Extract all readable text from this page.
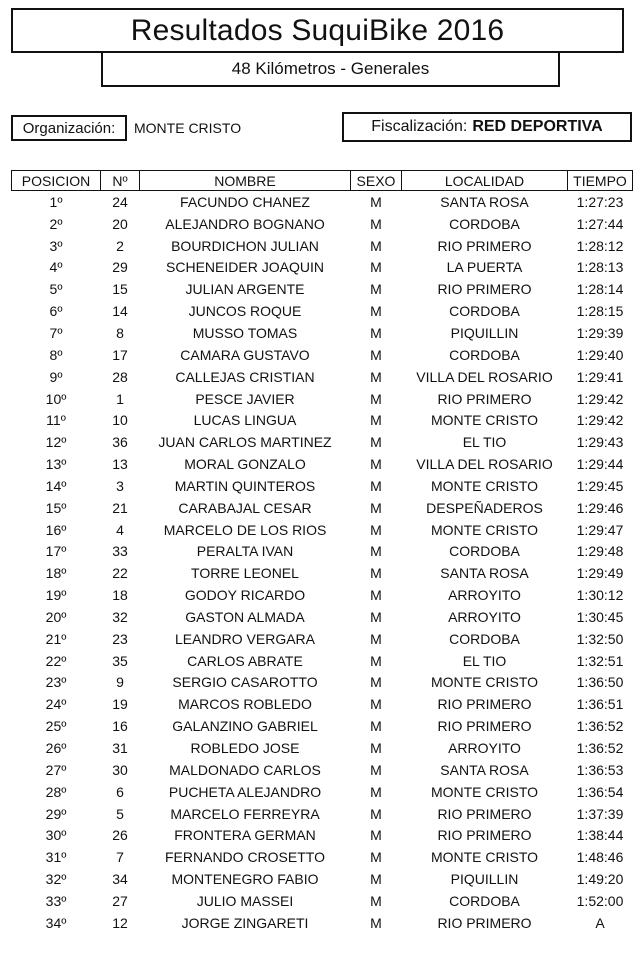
Resultados SuquiBike 2016
48 Kilómetros - Generales
Organización: MONTE CRISTO	Fiscalización: RED DEPORTIVA
POSICION	Nº	NOMBRE	SEXO	LOCALIDAD	TIEMPO
1º	24	FACUNDO CHANEZ	M	SANTA ROSA	1:27:23
2º	20	ALEJANDRO BOGNANO	M	CORDOBA	1:27:44
3º	2	BOURDICHON JULIAN	M	RIO PRIMERO	1:28:12
4º	29	SCHENEIDER JOAQUIN	M	LA PUERTA	1:28:13
5º	15	JULIAN ARGENTE	M	RIO PRIMERO	1:28:14
6º	14	JUNCOS ROQUE	M	CORDOBA	1:28:15
7º	8	MUSSO TOMAS	M	PIQUILLIN	1:29:39
8º	17	CAMARA GUSTAVO	M	CORDOBA	1:29:40
9º	28	CALLEJAS CRISTIAN	M	VILLA DEL ROSARIO	1:29:41
10º	1	PESCE JAVIER	M	RIO PRIMERO	1:29:42
11º	10	LUCAS LINGUA	M	MONTE CRISTO	1:29:42
12º	36	JUAN CARLOS MARTINEZ	M	EL TIO	1:29:43
13º	13	MORAL GONZALO	M	VILLA DEL ROSARIO	1:29:44
14º	3	MARTIN QUINTEROS	M	MONTE CRISTO	1:29:45
15º	21	CARABAJAL CESAR	M	DESPEÑADEROS	1:29:46
16º	4	MARCELO DE LOS RIOS	M	MONTE CRISTO	1:29:47
17º	33	PERALTA IVAN	M	CORDOBA	1:29:48
18º	22	TORRE LEONEL	M	SANTA ROSA	1:29:49
19º	18	GODOY RICARDO	M	ARROYITO	1:30:12
20º	32	GASTON ALMADA	M	ARROYITO	1:30:45
21º	23	LEANDRO VERGARA	M	CORDOBA	1:32:50
22º	35	CARLOS ABRATE	M	EL TIO	1:32:51
23º	9	SERGIO CASAROTTO	M	MONTE CRISTO	1:36:50
24º	19	MARCOS ROBLEDO	M	RIO PRIMERO	1:36:51
25º	16	GALANZINO GABRIEL	M	RIO PRIMERO	1:36:52
26º	31	ROBLEDO JOSE	M	ARROYITO	1:36:52
27º	30	MALDONADO CARLOS	M	SANTA ROSA	1:36:53
28º	6	PUCHETA ALEJANDRO	M	MONTE CRISTO	1:36:54
29º	5	MARCELO FERREYRA	M	RIO PRIMERO	1:37:39
30º	26	FRONTERA GERMAN	M	RIO PRIMERO	1:38:44
31º	7	FERNANDO CROSETTO	M	MONTE CRISTO	1:48:46
32º	34	MONTENEGRO FABIO	M	PIQUILLIN	1:49:20
33º	27	JULIO MASSEI	M	CORDOBA	1:52:00
34º	12	JORGE ZINGARETI	M	RIO PRIMERO	A
